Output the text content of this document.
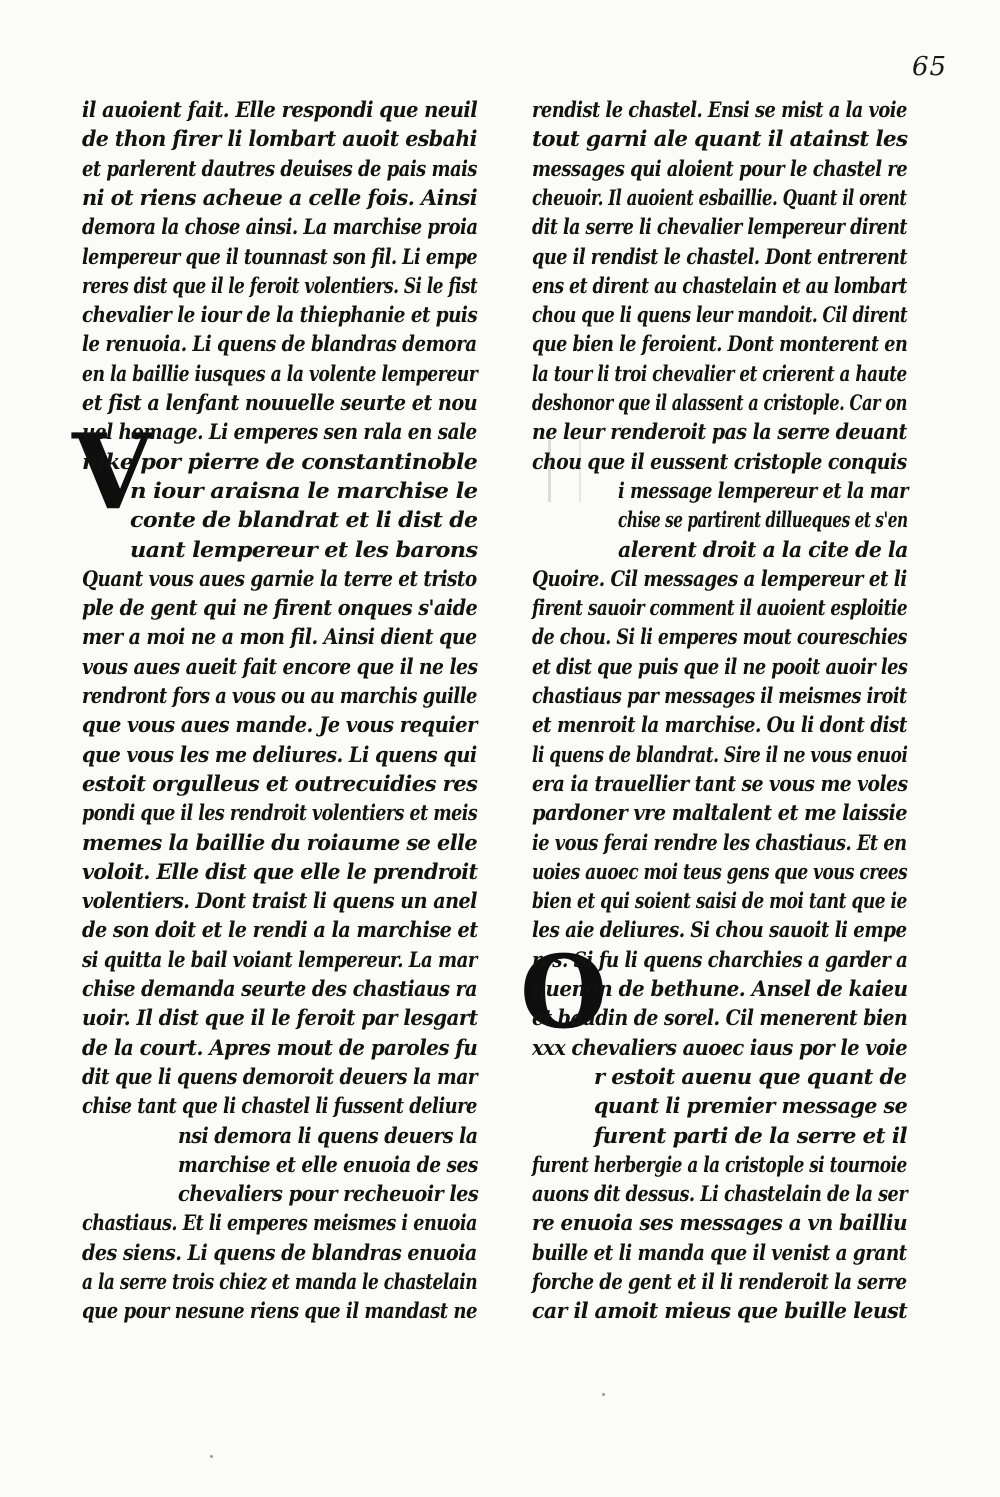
65
V
O
il auoient fait. Elle respondi que neuil
de thon firer li lombart auoit esbahi
et parlerent dautres deuises de pais mais
ni ot riens acheue a celle fois. Ainsi
demora la chose ainsi. La marchise proia
lempereur que il tounnast son fil. Li empe
reres dist que il le feroit volentiers. Si le fist
chevalier le iour de la thiephanie et puis
le renuoia. Li quens de blandras demora
en la baillie iusques a la volente lempereur
et fist a lenfant nouuelle seurte et nou
uel homage. Li emperes sen rala en sale
nike por pierre de constantinoble
n iour araisna le marchise le
conte de blandrat et li dist de
uant lempereur et les barons
Quant vous aues garnie la terre et tristo
ple de gent qui ne firent onques s'aide
mer a moi ne a mon fil. Ainsi dient que
vous aues aueit fait encore que il ne les
rendront fors a vous ou au marchis guille
que vous aues mande. Je vous requier
que vous les me deliures. Li quens qui
estoit orgulleus et outrecuidies res
pondi que il les rendroit volentiers et meis
memes la baillie du roiaume se elle
voloit. Elle dist que elle le prendroit
volentiers. Dont traist li quens un anel
de son doit et le rendi a la marchise et
si quitta le bail voiant lempereur. La mar
chise demanda seurte des chastiaus ra
uoir. Il dist que il le feroit par lesgart
de la court. Apres mout de paroles fu
dit que li quens demoroit deuers la mar
chise tant que li chastel li fussent deliure
nsi demora li quens deuers la
marchise et elle enuoia de ses
chevaliers pour recheuoir les
chastiaus. Et li emperes meismes i enuoia
des siens. Li quens de blandras enuoia
a la serre trois chiez et manda le chastelain
que pour nesune riens que il mandast ne
rendist le chastel. Ensi se mist a la voie
tout garni ale quant il atainst les
messages qui aloient pour le chastel re
cheuoir. Il auoient esbaillie. Quant il orent
dit la serre li chevalier lempereur dirent
que il rendist le chastel. Dont entrerent
ens et dirent au chastelain et au lombart
chou que li quens leur mandoit. Cil dirent
que bien le feroient. Dont monterent en
la tour li troi chevalier et crierent a haute
deshonor que il alassent a cristople. Car on
ne leur renderoit pas la serre deuant
chou que il eussent cristople conquis
i message lempereur et la mar
chise se partirent dillueques et s'en
alerent droit a la cite de la
Quoire. Cil messages a lempereur et li
firent sauoir comment il auoient esploitie
de chou. Si li emperes mout coureschies
et dist que puis que il ne pooit auoir les
chastiaus par messages il meismes iroit
et menroit la marchise. Ou li dont dist
li quens de blandrat. Sire il ne vous enuoi
era ia trauellier tant se vous me voles
pardoner vre maltalent et me laissie
ie vous ferai rendre les chastiaus. Et en
uoies auoec moi teus gens que vous crees
bien et qui soient saisi de moi tant que ie
les aie deliures. Si chou sauoit li empe
res. Si fu li quens charchies a garder a
quenon de bethune. Ansel de kaieu
et baudin de sorel. Cil menerent bien
xxx chevaliers auoec iaus por le voie
r estoit auenu que quant de
quant li premier message se
furent parti de la serre et il
furent herbergie a la cristople si tournoie
auons dit dessus. Li chastelain de la ser
re enuoia ses messages a vn bailliu
buille et li manda que il venist a grant
forche de gent et il li renderoit la serre
car il amoit mieus que buille leust
